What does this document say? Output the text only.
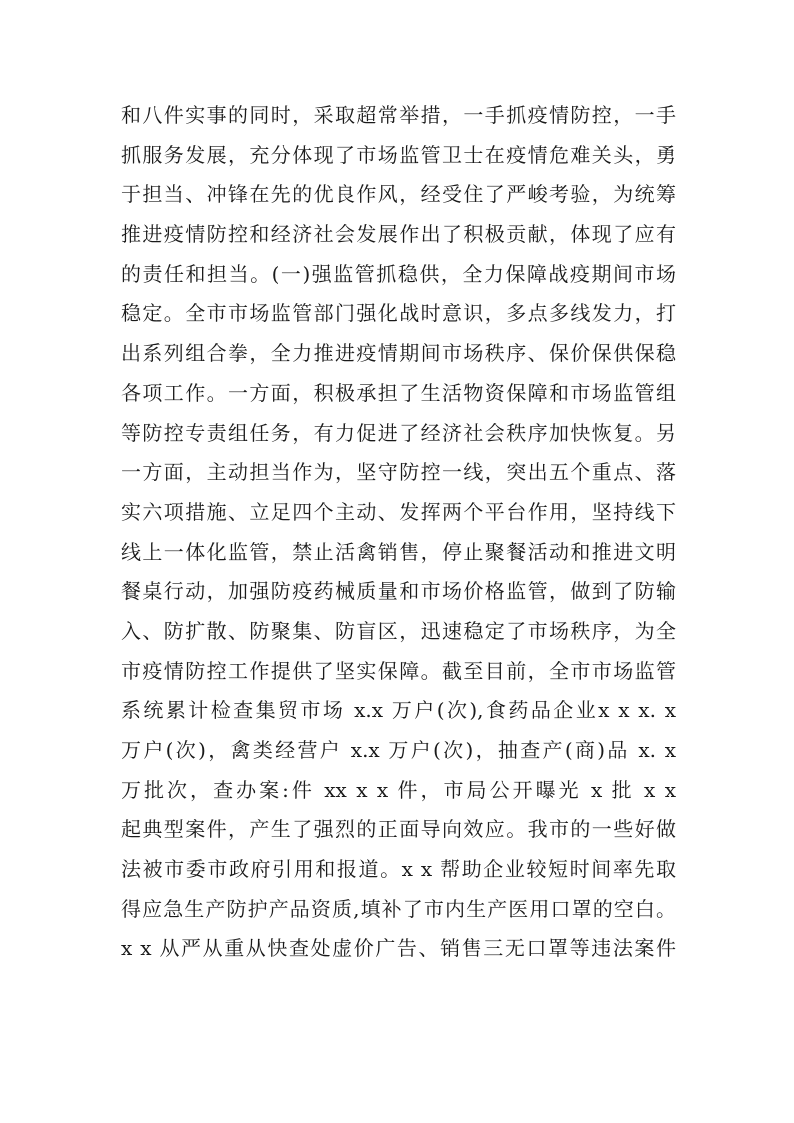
和八件实事的同时，采取超常举措，一手抓疫情防控，一手
抓服务发展，充分体现了市场监管卫士在疫情危难关头，勇
于担当、冲锋在先的优良作风，经受住了严峻考验，为统筹
推进疫情防控和经济社会发展作出了积极贡献，体现了应有
的责任和担当。(一)强监管抓稳供，全力保障战疫期间市场
稳定。全市市场监管部门强化战时意识，多点多线发力，打
出系列组合拳，全力推进疫情期间市场秩序、保价保供保稳
各项工作。一方面，积极承担了生活物资保障和市场监管组
等防控专责组任务，有力促进了经济社会秩序加快恢复。另
一方面，主动担当作为，坚守防控一线，突出五个重点、落
实六项措施、立足四个主动、发挥两个平台作用，坚持线下
线上一体化监管，禁止活禽销售，停止聚餐活动和推进文明
餐桌行动，加强防疫药械质量和市场价格监管，做到了防输
入、防扩散、防聚集、防盲区，迅速稳定了市场秩序，为全
市疫情防控工作提供了坚实保障。截至目前，全市市场监管
系统累计检查集贸市场 x.x 万户(次),食药品企业x x x. x
万户(次)，禽类经营户 x.x 万户(次)，抽查产(商)品 x. x
万批次，查办案:件 xx x x 件，市局公开曝光 x 批 x x
起典型案件，产生了强烈的正面导向效应。我市的一些好做
法被市委市政府引用和报道。x x 帮助企业较短时间率先取
得应急生产防护产品资质,填补了市内生产医用口罩的空白。
x x 从严从重从快查处虚价广告、销售三无口罩等违法案件
